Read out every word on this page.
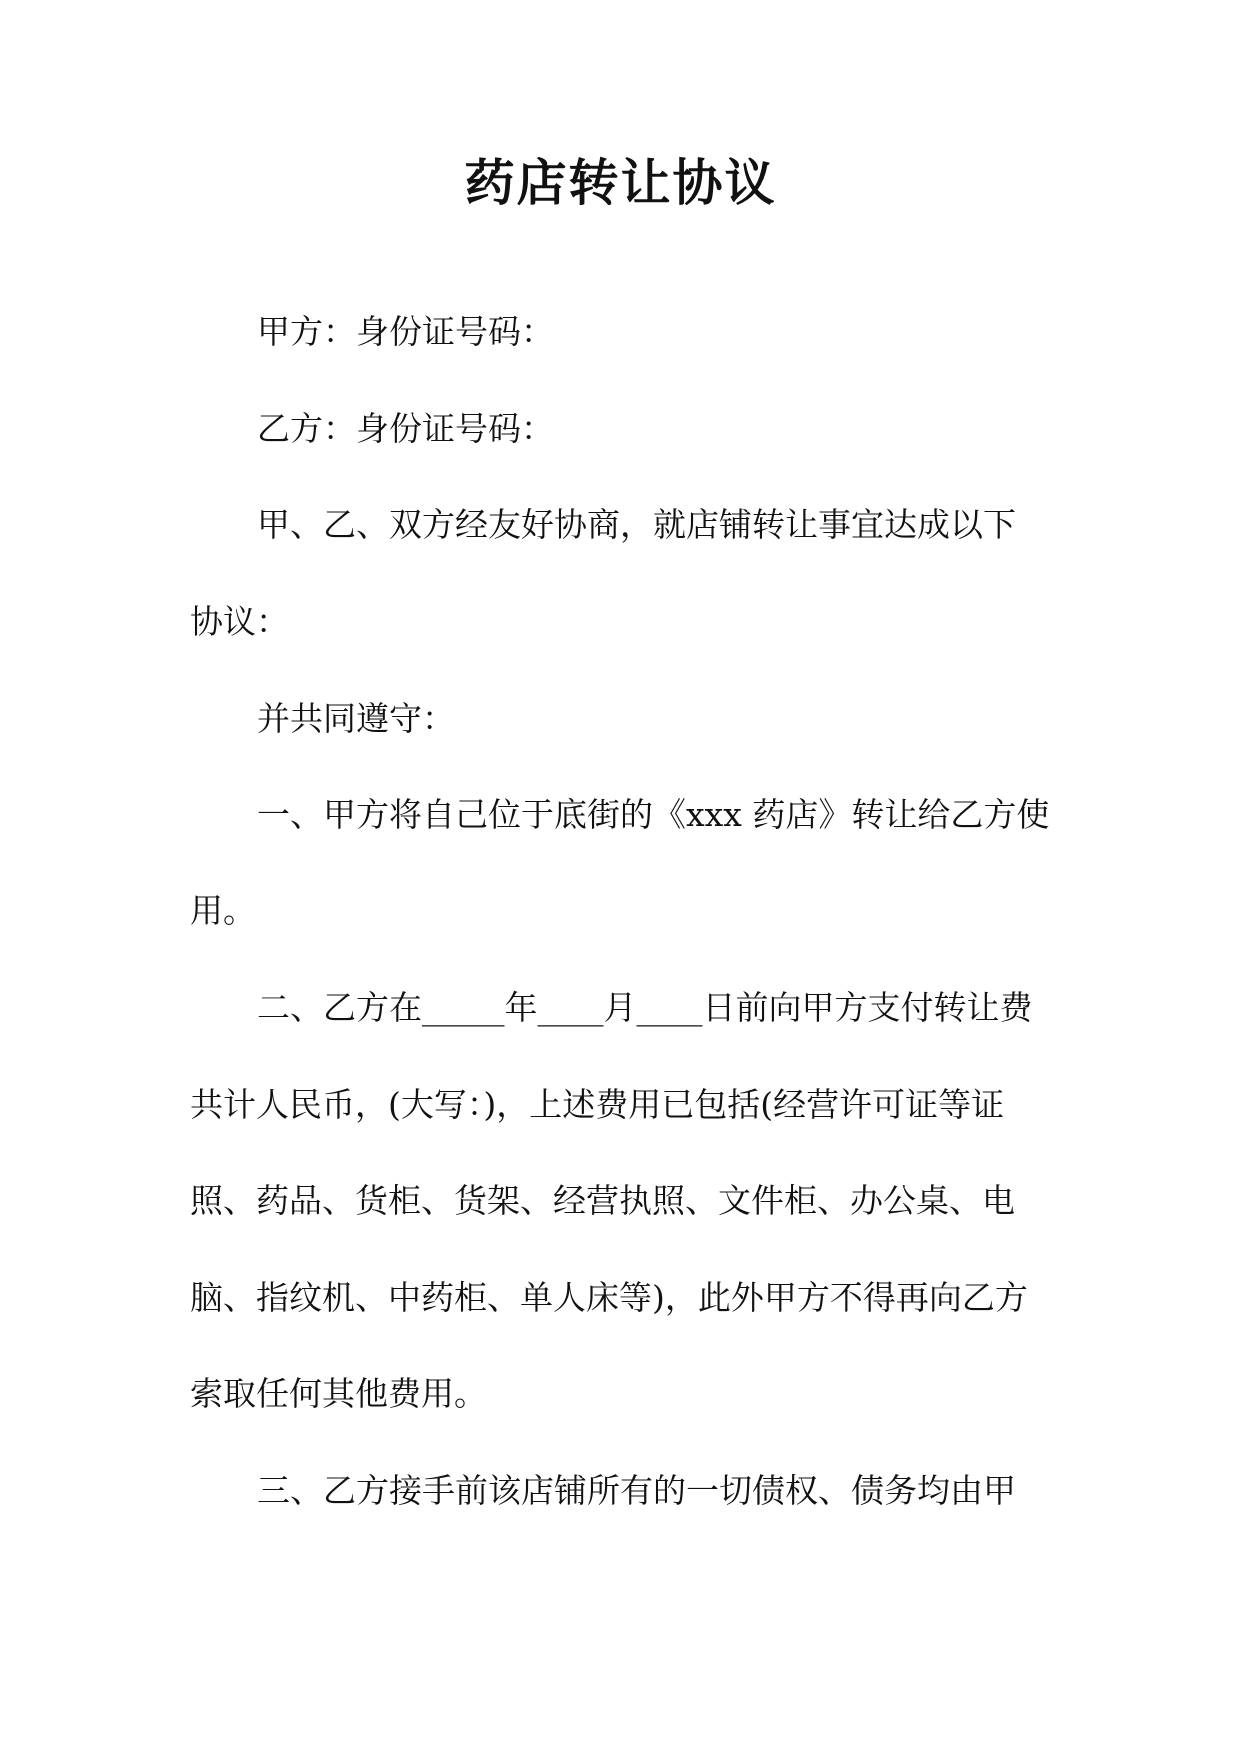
药店转让协议

甲方：身份证号码：

乙方：身份证号码：

甲、乙、双方经友好协商，就店铺转让事宜达成以下

协议：

并共同遵守：

一、甲方将自己位于底街的《xxx 药店》转让给乙方使

用。

二、乙方在_____年____月____日前向甲方支付转让费

共计人民币，(大写：)，上述费用已包括(经营许可证等证

照、药品、货柜、货架、经营执照、文件柜、办公桌、电

脑、指纹机、中药柜、单人床等)，此外甲方不得再向乙方

索取任何其他费用。

三、乙方接手前该店铺所有的一切债权、债务均由甲
